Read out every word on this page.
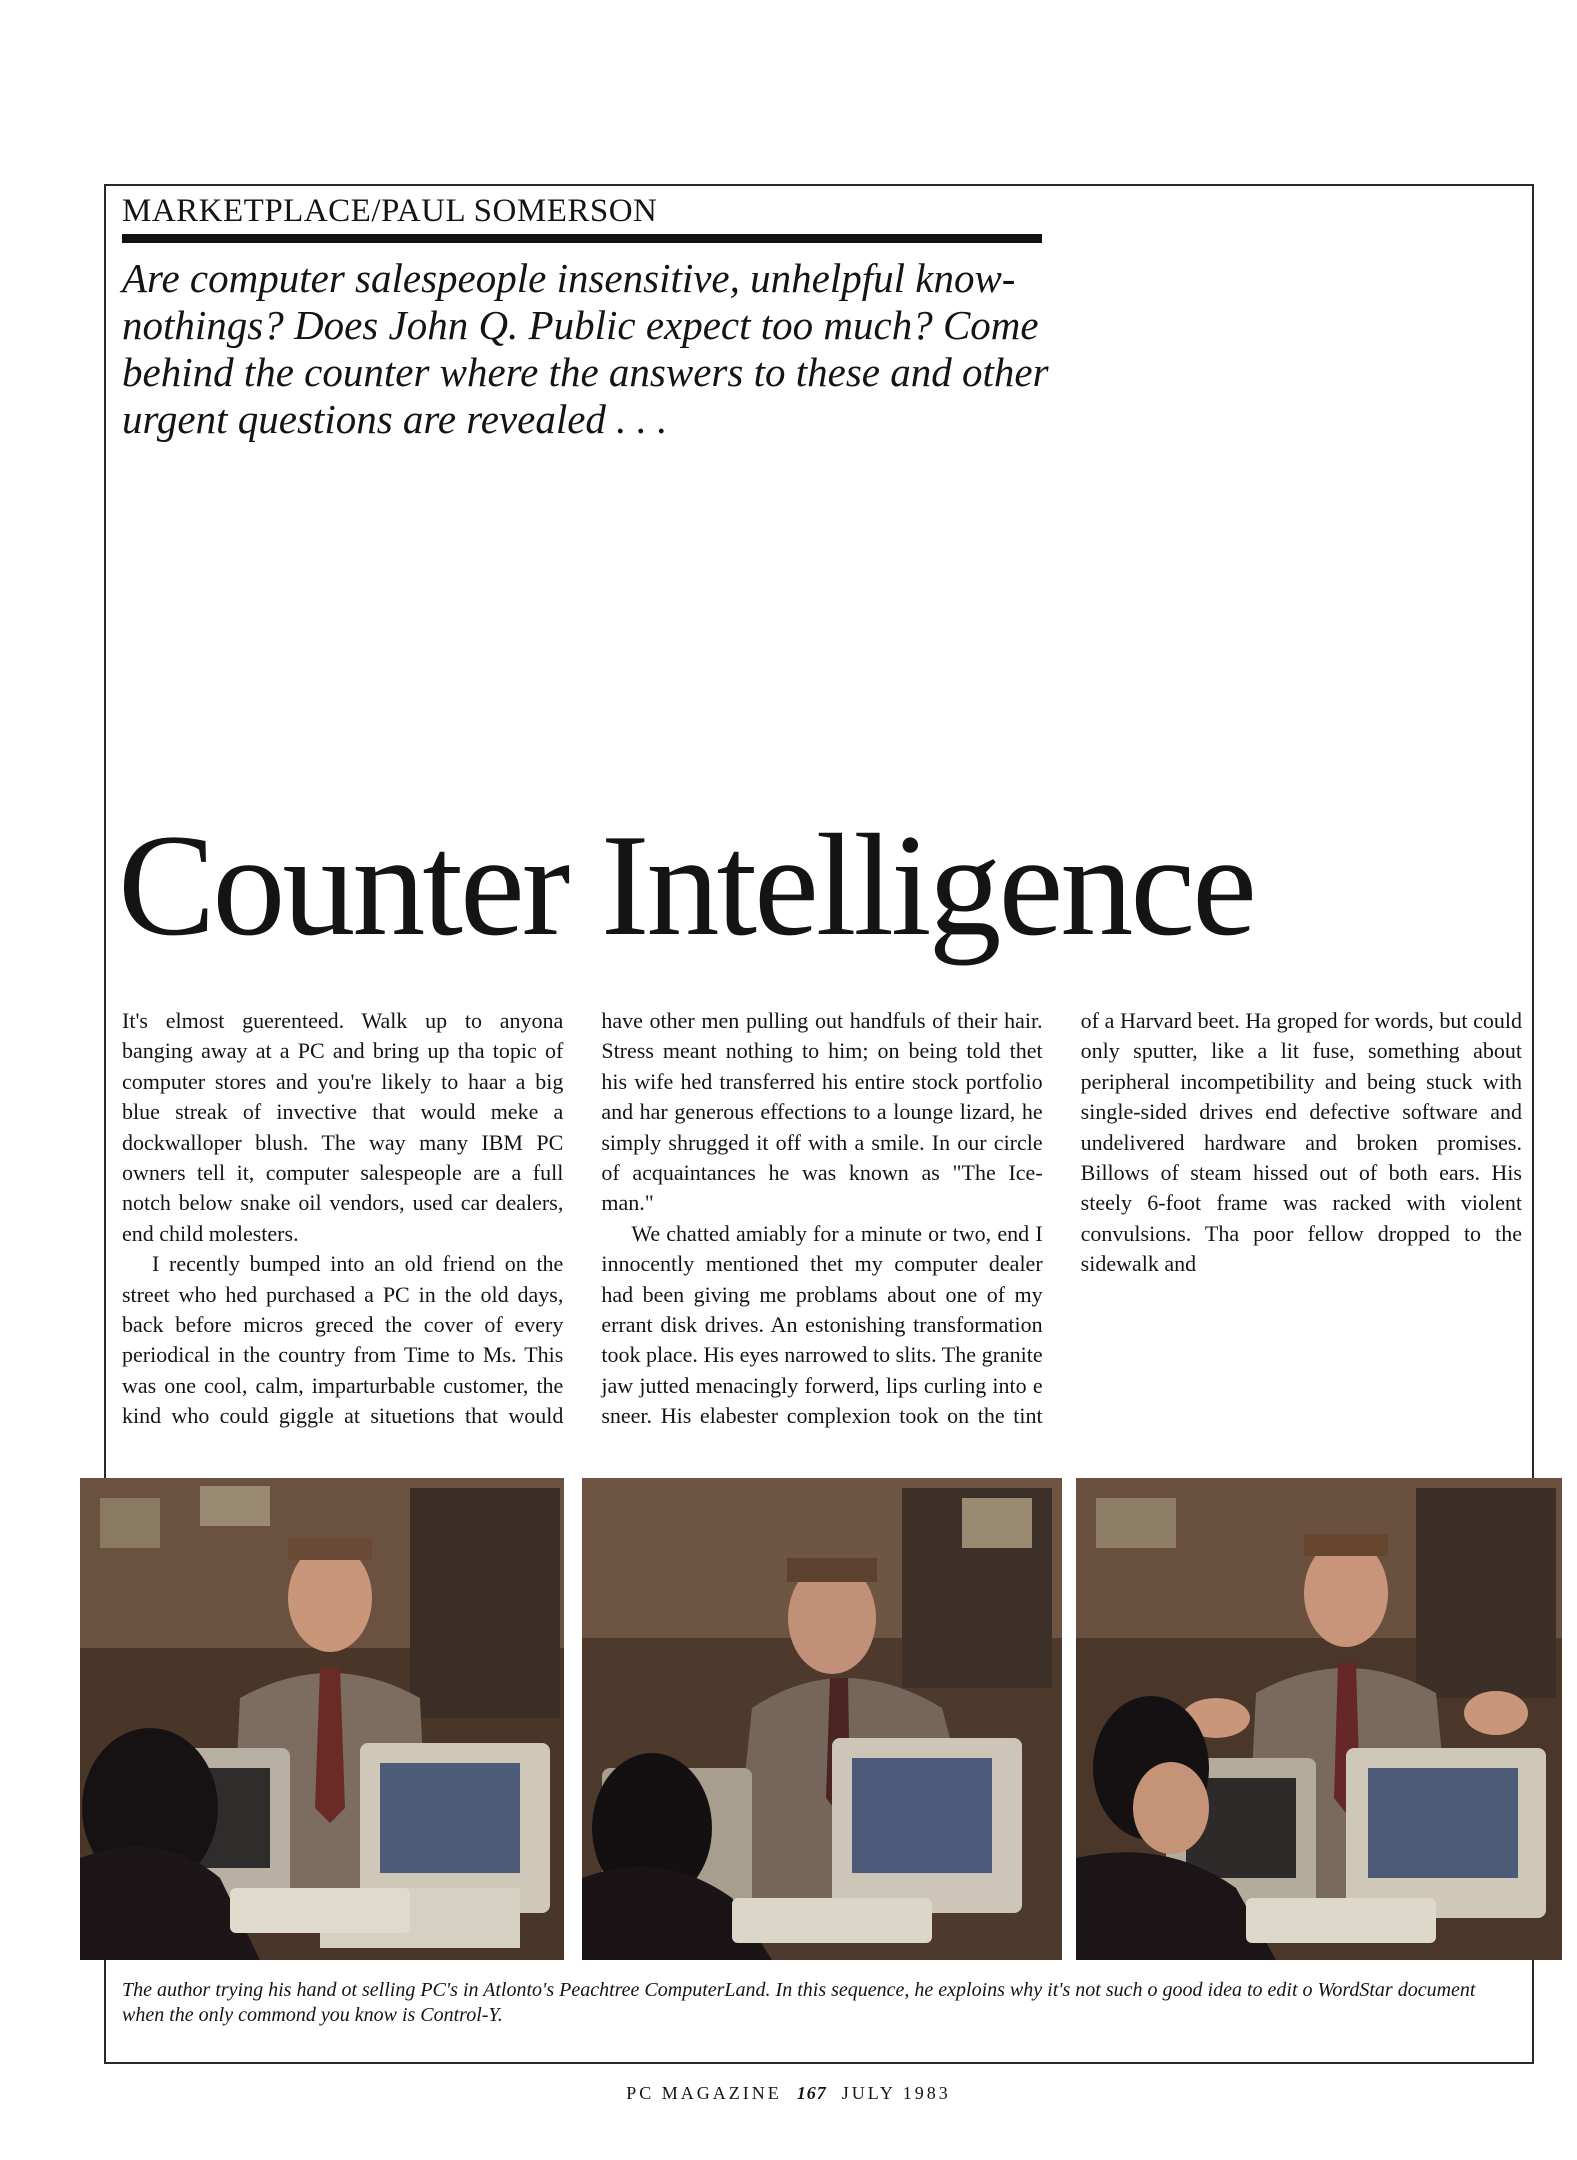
MARKETPLACE/PAUL SOMERSON
Are computer salespeople insensitive, unhelpful know-nothings? Does John Q. Public expect too much? Come behind the counter where the answers to these and other urgent questions are revealed . . .
Counter Intelligence

It's elmost guerenteed. Walk up to anyona banging away at a PC and bring up tha topic of computer stores and you're likely to haar a big blue streak of invective that would meke a dockwalloper blush. The way many IBM PC owners tell it, computer salespeople are a full notch below snake oil vendors, used car dealers, end child molesters.

I recently bumped into an old friend on the street who hed purchased a PC in the old days, back before micros greced the cover of every periodical in the country from Time to Ms. This was one cool, calm, imparturbable customer, the kind who could giggle at situetions that would have other men pulling out handfuls of their hair. Stress meant nothing to him; on being told thet his wife hed transferred his entire stock portfolio and har generous effections to a lounge lizard, he simply shrugged it off with a smile. In our circle of acquaintances he was known as "The Ice-man."

We chatted amiably for a minute or two, end I innocently mentioned thet my computer dealer had been giving me problams about one of my errant disk drives. An estonishing transformation took place. His eyes narrowed to slits. The granite jaw jutted menacingly forwerd, lips curling into e sneer. His elabester complexion took on the tint of a Harvard beet. Ha groped for words, but could only sputter, like a lit fuse, something about peripheral incompetibility and being stuck with single-sided drives end defective software and undelivered hardware and broken promises. Billows of steam hissed out of both ears. His steely 6-foot frame was racked with violent convulsions. Tha poor fellow dropped to the sidewalk and

The author trying his hand ot selling PC's in Atlonto's Peachtree ComputerLand. In this sequence, he exploins why it's not such o good idea to edit o WordStar document when the only commond you know is Control-Y.
PC MAGAZINE 167 JULY 1983
